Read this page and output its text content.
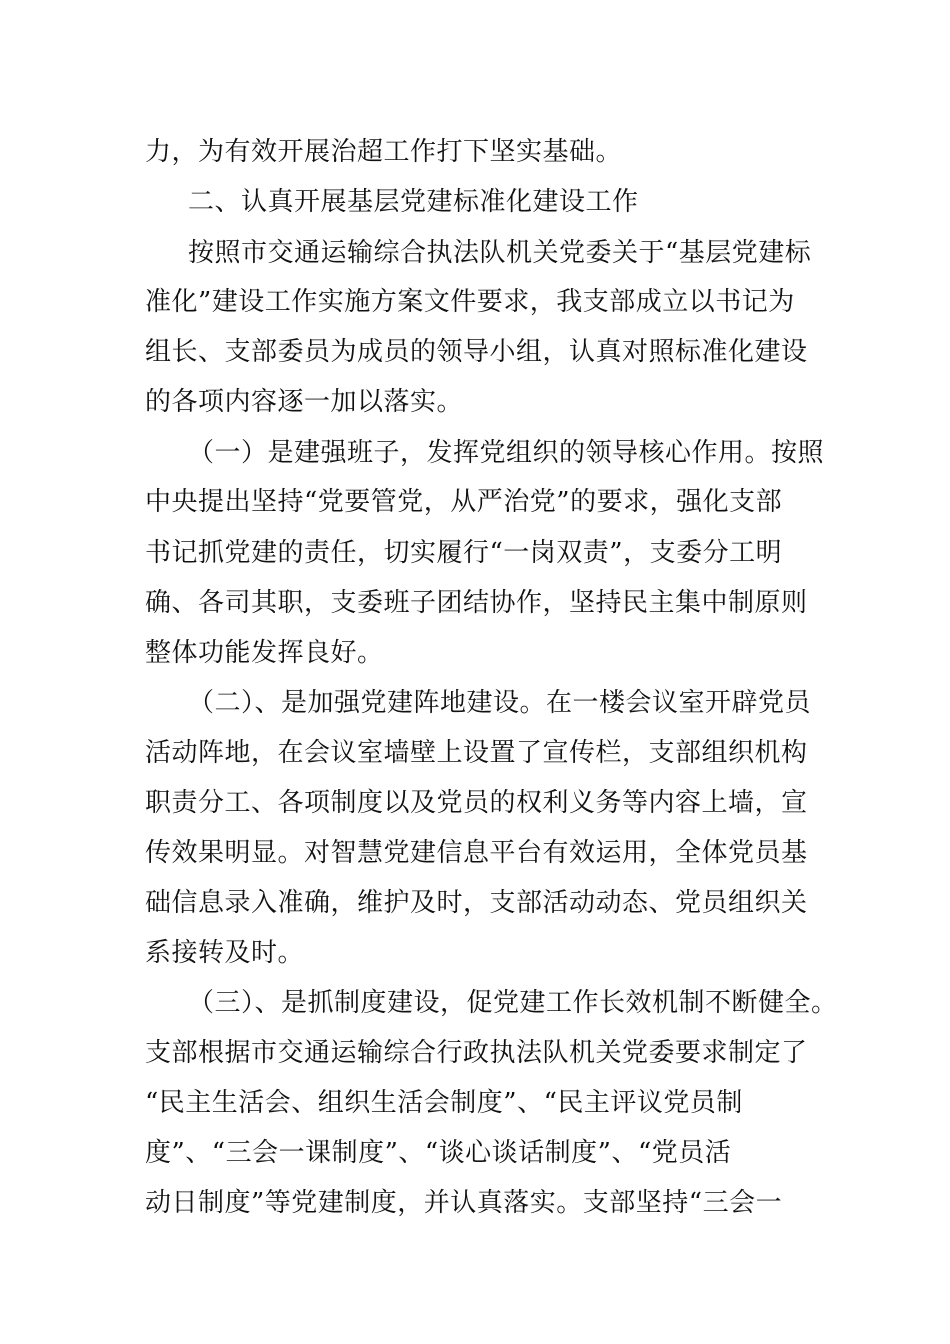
力，为有效开展治超工作打下坚实基础。

二、认真开展基层党建标准化建设工作

按照市交通运输综合执法队机关党委关于“基层党建标

准化”建设工作实施方案文件要求，我支部成立以书记为

组长、支部委员为成员的领导小组，认真对照标准化建设

的各项内容逐一加以落实。

（一）是建强班子，发挥党组织的领导核心作用。按照

中央提出坚持“党要管党，从严治党”的要求，强化支部

书记抓党建的责任，切实履行“一岗双责”，支委分工明

确、各司其职，支委班子团结协作，坚持民主集中制原则

整体功能发挥良好。

（二）、是加强党建阵地建设。在一楼会议室开辟党员

活动阵地，在会议室墙壁上设置了宣传栏，支部组织机构

职责分工、各项制度以及党员的权利义务等内容上墙，宣

传效果明显。对智慧党建信息平台有效运用，全体党员基

础信息录入准确，维护及时，支部活动动态、党员组织关

系接转及时。

（三）、是抓制度建设，促党建工作长效机制不断健全。

支部根据市交通运输综合行政执法队机关党委要求制定了

“民主生活会、组织生活会制度”、“民主评议党员制

度”、“三会一课制度”、“谈心谈话制度”、“党员活

动日制度”等党建制度，并认真落实。支部坚持“三会一
